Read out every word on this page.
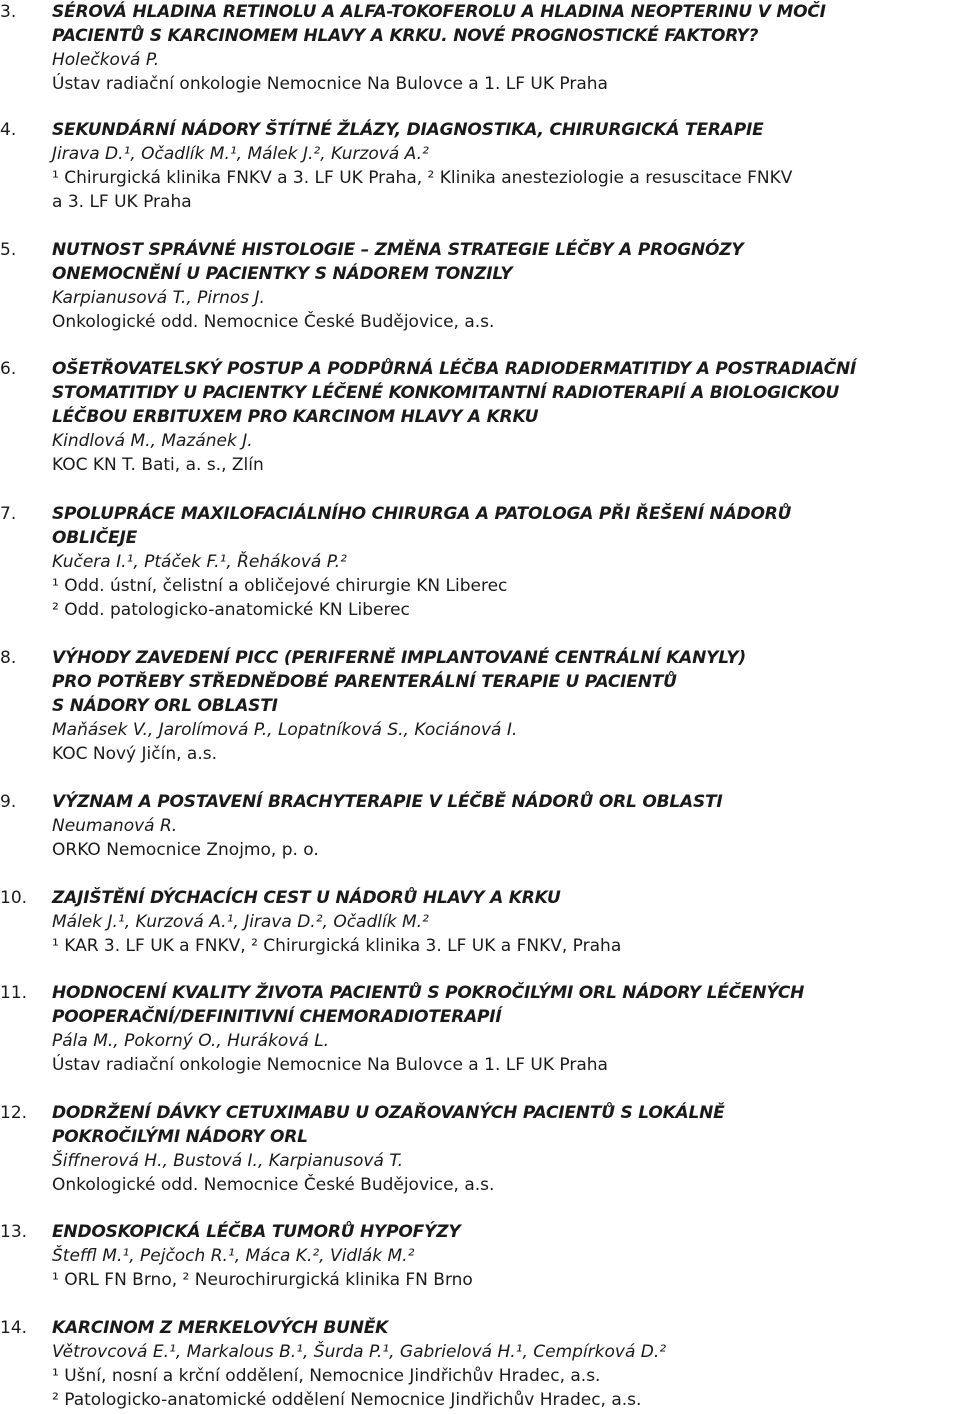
3. SÉROVÁ HLADINA RETINOLU A ALFA-TOKOFEROLU A HLADINA NEOPTERINU V MOČI
PACIENTŮ S KARCINOMEM HLAVY A KRKU. NOVÉ PROGNOSTICKÉ FAKTORY?
Holečková P.
Ústav radiační onkologie Nemocnice Na Bulovce a 1. LF UK Praha
4. SEKUNDÁRNÍ NÁDORY ŠTÍTNÉ ŽLÁZY, DIAGNOSTIKA, CHIRURGICKÁ TERAPIE
Jirava D.¹, Očadlík M.¹, Málek J.², Kurzová A.²
¹ Chirurgická klinika FNKV a 3. LF UK Praha, ² Klinika anesteziologie a resuscitace FNKV
a 3. LF UK Praha
5. NUTNOST SPRÁVNÉ HISTOLOGIE – ZMĚNA STRATEGIE LÉČBY A PROGNÓZY
ONEMOCNĚNÍ U PACIENTKY S NÁDOREM TONZILY
Karpianusová T., Pirnos J.
Onkologické odd. Nemocnice České Budějovice, a.s.
6. OŠETŘOVATELSKÝ POSTUP A PODPŮRNÁ LÉČBA RADIODERMATITIDY A POSTRADIAČNÍ
STOMATITIDY U PACIENTKY LÉČENÉ KONKOMITANTNÍ RADIOTERAPIÍ A BIOLOGICKOU
LÉČBOU ERBITUXEM PRO KARCINOM HLAVY A KRKU
Kindlová M., Mazánek J.
KOC KN T. Bati, a. s., Zlín
7. SPOLUPRÁCE MAXILOFACIÁLNÍHO CHIRURGA A PATOLOGA PŘI ŘEŠENÍ NÁDORŮ
OBLIČEJE
Kučera I.¹, Ptáček F.¹, Řeháková P.²
¹ Odd. ústní, čelistní a obličejové chirurgie KN Liberec
² Odd. patologicko-anatomické KN Liberec
8. VÝHODY ZAVEDENÍ PICC (PERIFERNĚ IMPLANTOVANÉ CENTRÁLNÍ KANYLY)
PRO POTŘEBY STŘEDNĚDOBÉ PARENTERÁLNÍ TERAPIE U PACIENTŮ
S NÁDORY ORL OBLASTI
Maňásek V., Jarolímová P., Lopatníková S., Kociánová I.
KOC Nový Jičín, a.s.
9. VÝZNAM A POSTAVENÍ BRACHYTERAPIE V LÉČBĚ NÁDORŮ ORL OBLASTI
Neumanová R.
ORKO Nemocnice Znojmo, p. o.
10. ZAJIŠTĚNÍ DÝCHACÍCH CEST U NÁDORŮ HLAVY A KRKU
Málek J.¹, Kurzová A.¹, Jirava D.², Očadlík M.²
¹ KAR 3. LF UK a FNKV, ² Chirurgická klinika 3. LF UK a FNKV, Praha
11. HODNOCENÍ KVALITY ŽIVOTA PACIENTŮ S POKROČILÝMI ORL NÁDORY LÉČENÝCH
POOPERAČNÍ/DEFINITIVNÍ CHEMORADIOTERAPIÍ
Pála M., Pokorný O., Huráková L.
Ústav radiační onkologie Nemocnice Na Bulovce a 1. LF UK Praha
12. DODRŽENÍ DÁVKY CETUXIMABU U OZAŘOVANÝCH PACIENTŮ S LOKÁLNĚ
POKROČILÝMI NÁDORY ORL
Šiffnerová H., Bustová I., Karpianusová T.
Onkologické odd. Nemocnice České Budějovice, a.s.
13. ENDOSKOPICKÁ LÉČBA TUMORŮ HYPOFÝZY
Šteffl M.¹, Pejčoch R.¹, Máca K.², Vidlák M.²
¹ ORL FN Brno, ² Neurochirurgická klinika FN Brno
14. KARCINOM Z MERKELOVÝCH BUNĚK
Větrovcová E.¹, Markalous B.¹, Šurda P.¹, Gabrielová H.¹, Cempírková D.²
¹ Ušní, nosní a krční oddělení, Nemocnice Jindřichův Hradec, a.s.
² Patologicko-anatomické oddělení Nemocnice Jindřichův Hradec, a.s.
